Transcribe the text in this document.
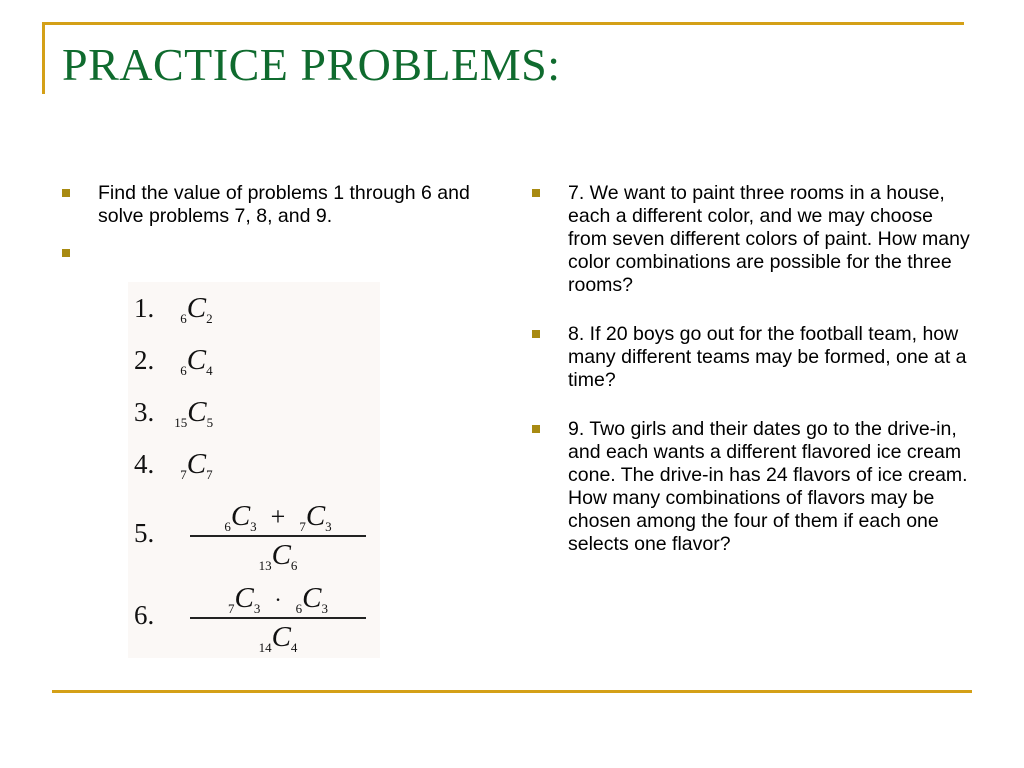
PRACTICE PROBLEMS:
Find the value of problems 1 through 6 and solve problems 7, 8, and 9.
1. $_6C_2$
2. $_6C_4$
3. $_{15}C_5$
4. $_7C_7$
5.	$_6C_3 + _7C_3$
$_{13}C_6$
6.	$_7C_3 \cdot _6C_3$
$_{14}C_4$
7. We want to paint three rooms in a house, each a different color, and we may choose from seven different colors of paint. How many color combinations are possible for the three rooms?
8. If 20 boys go out for the football team, how many different teams may be formed, one at a time?
9. Two girls and their dates go to the drive-in, and each wants a different flavored ice cream cone. The drive-in has 24 flavors of ice cream. How many combinations of flavors may be chosen among the four of them if each one selects one flavor?
